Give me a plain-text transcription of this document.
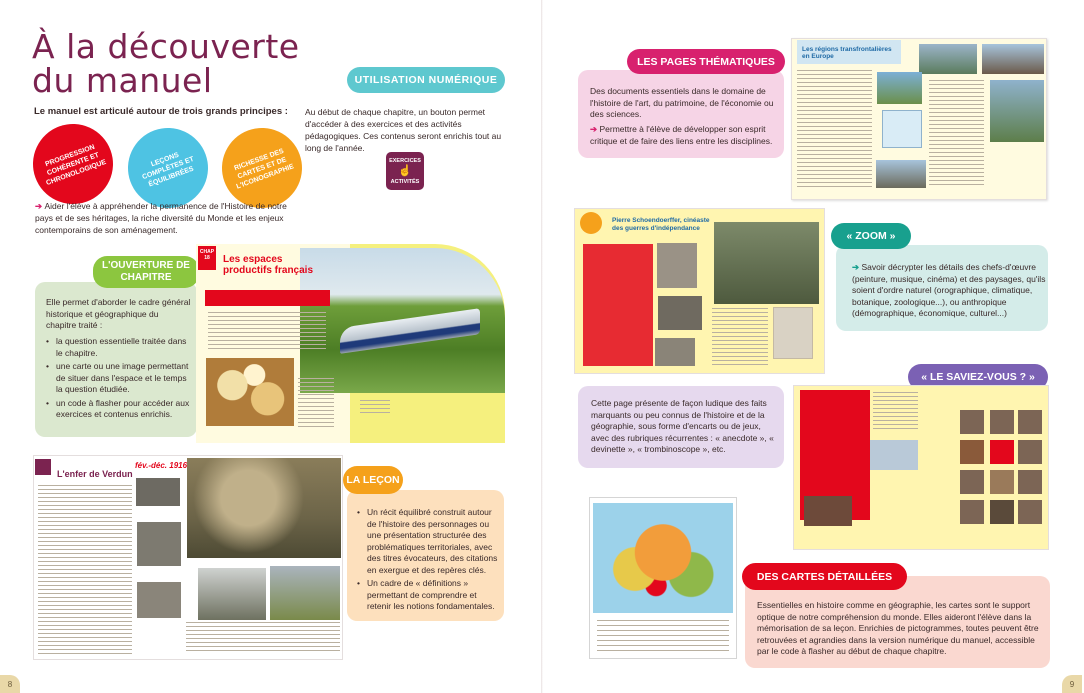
À la découverte
du manuel
Le manuel est articulé autour de trois grands principes :
PROGRESSION COHÉRENTE ET CHRONOLOGIQUE	LEÇONS COMPLÈTES ET ÉQUILIBRÉES
RICHESSE DES CARTES ET DE L'ICONOGRAPHIE
➔ Aider l'élève à appréhender la permanence de l'Histoire de notre pays et de ses héritages, la riche diversité du Monde et les enjeux contemporains de son aménagement.
UTILISATION NUMÉRIQUE
Au début de chaque chapitre, un bouton permet d'accéder à des exercices et des activités pédagogiques. Ces contenus seront enrichis tout au long de l'année.
EXERCICES
☝
ACTIVITÉS
L'OUVERTURE DE CHAPITRE
Elle permet d'aborder le cadre général historique et géographique du chapitre traité :
• la question essentielle traitée dans le chapitre.
• une carte ou une image permettant de situer dans l'espace et le temps la question étudiée.
• un code à flasher pour accéder aux exercices et contenus enrichis.
CHAP 18	Les espaces productifs français
L'enfer de Verdun
fév.-déc. 1916
LA LEÇON
• Un récit équilibré construit autour de l'histoire des personnages ou une présentation structurée des problématiques territoriales, avec des titres évocateurs, des citations en exergue et des repères clés.
• Un cadre de « définitions » permettant de comprendre et retenir les notions fondamentales.
LES PAGES THÉMATIQUES
Des documents essentiels dans le domaine de l'histoire de l'art, du patrimoine, de l'économie ou des sciences.
➔ Permettre à l'élève de développer son esprit critique et de faire des liens entre les disciplines.
Les régions transfrontalières en Europe
Pierre Schoendoerffer, cinéaste des guerres d'indépendance
« ZOOM »
➔ Savoir décrypter les détails des chefs-d'œuvre (peinture, musique, cinéma) et des paysages, qu'ils soient d'ordre naturel (orographique, climatique, botanique, zoologique...), ou anthropique (démographique, économique, culturel...)
« LE SAVIEZ-VOUS ? »
Cette page présente de façon ludique des faits marquants ou peu connus de l'histoire et de la géographie, sous forme d'encarts ou de jeux, avec des rubriques récurrentes : « anecdote », « devinette », « trombinoscope », etc.
DES CARTES DÉTAILLÉES
Essentielles en histoire comme en géographie, les cartes sont le support optique de notre compréhension du monde. Elles aideront l'élève dans la mémorisation de sa leçon. Enrichies de pictogrammes, toutes peuvent être retrouvées et agrandies dans la version numérique du manuel, accessible par le code à flasher au début de chaque chapitre.
8	9
